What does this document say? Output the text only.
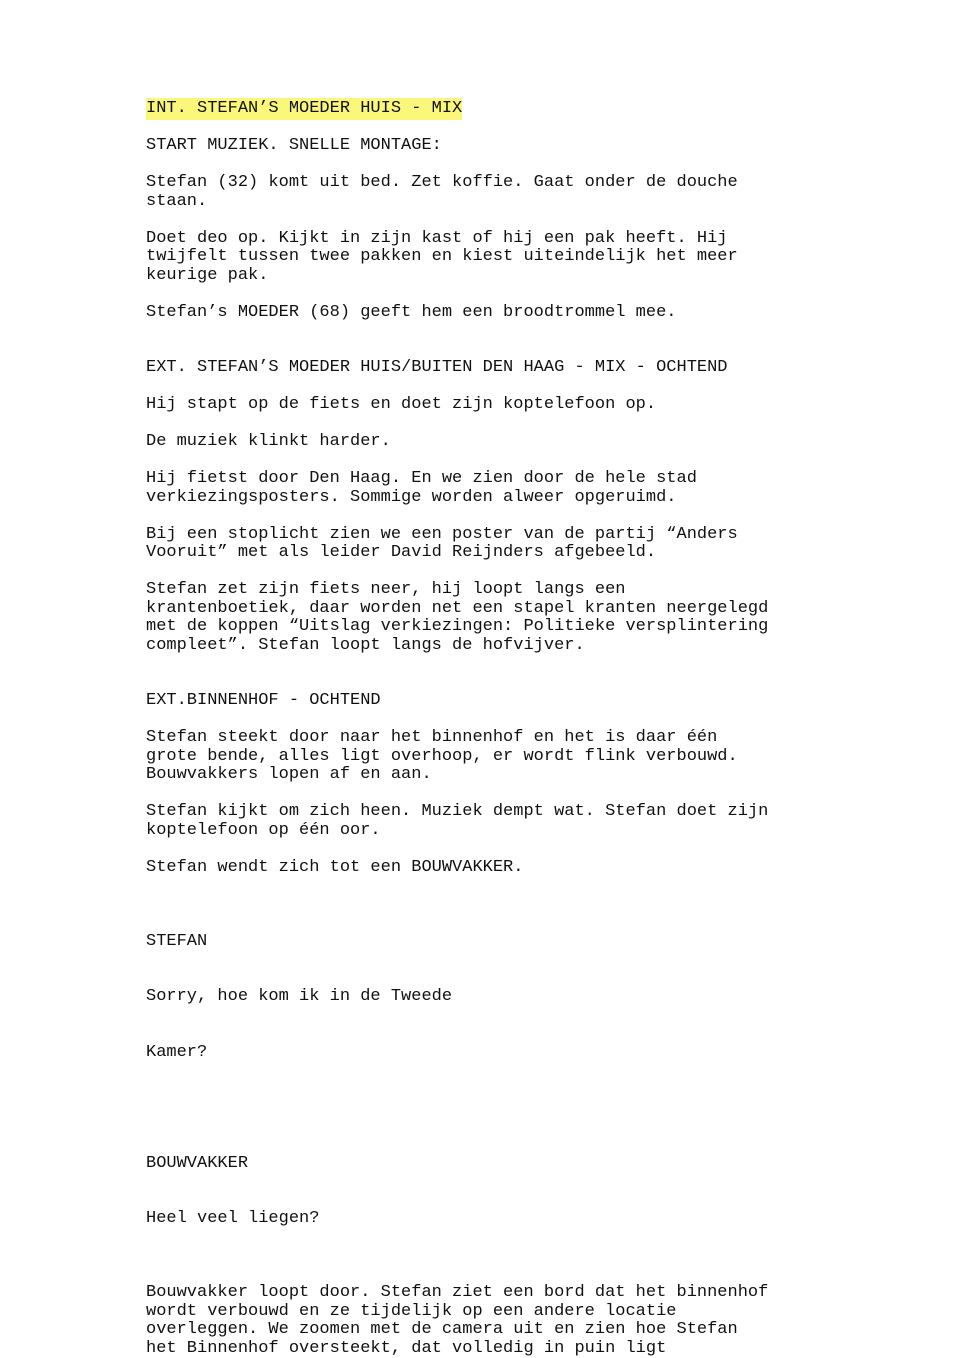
INT. STEFAN’S MOEDER HUIS - MIX

START MUZIEK. SNELLE MONTAGE:

Stefan (32) komt uit bed. Zet koffie. Gaat onder de douche

staan.

Doet deo op. Kijkt in zijn kast of hij een pak heeft. Hij

twijfelt tussen twee pakken en kiest uiteindelijk het meer

keurige pak.

Stefan’s MOEDER (68) geeft hem een broodtrommel mee.

EXT. STEFAN’S MOEDER HUIS/BUITEN DEN HAAG - MIX - OCHTEND

Hij stapt op de fiets en doet zijn koptelefoon op.

De muziek klinkt harder.

Hij fietst door Den Haag. En we zien door de hele stad

verkiezingsposters. Sommige worden alweer opgeruimd.

Bij een stoplicht zien we een poster van de partij “Anders

Vooruit” met als leider David Reijnders afgebeeld.

Stefan zet zijn fiets neer, hij loopt langs een

krantenboetiek, daar worden net een stapel kranten neergelegd

met de koppen “Uitslag verkiezingen: Politieke versplintering

compleet”. Stefan loopt langs de hofvijver.

EXT.BINNENHOF - OCHTEND

Stefan steekt door naar het binnenhof en het is daar één

grote bende, alles ligt overhoop, er wordt flink verbouwd.

Bouwvakkers lopen af en aan.

Stefan kijkt om zich heen. Muziek dempt wat. Stefan doet zijn

koptelefoon op één oor.

Stefan wendt zich tot een BOUWVAKKER.

STEFAN

Sorry, hoe kom ik in de Tweede

Kamer?

BOUWVAKKER

Heel veel liegen?

Bouwvakker loopt door. Stefan ziet een bord dat het binnenhof

wordt verbouwd en ze tijdelijk op een andere locatie

overleggen. We zoomen met de camera uit en zien hoe Stefan

het Binnenhof oversteekt, dat volledig in puin ligt
